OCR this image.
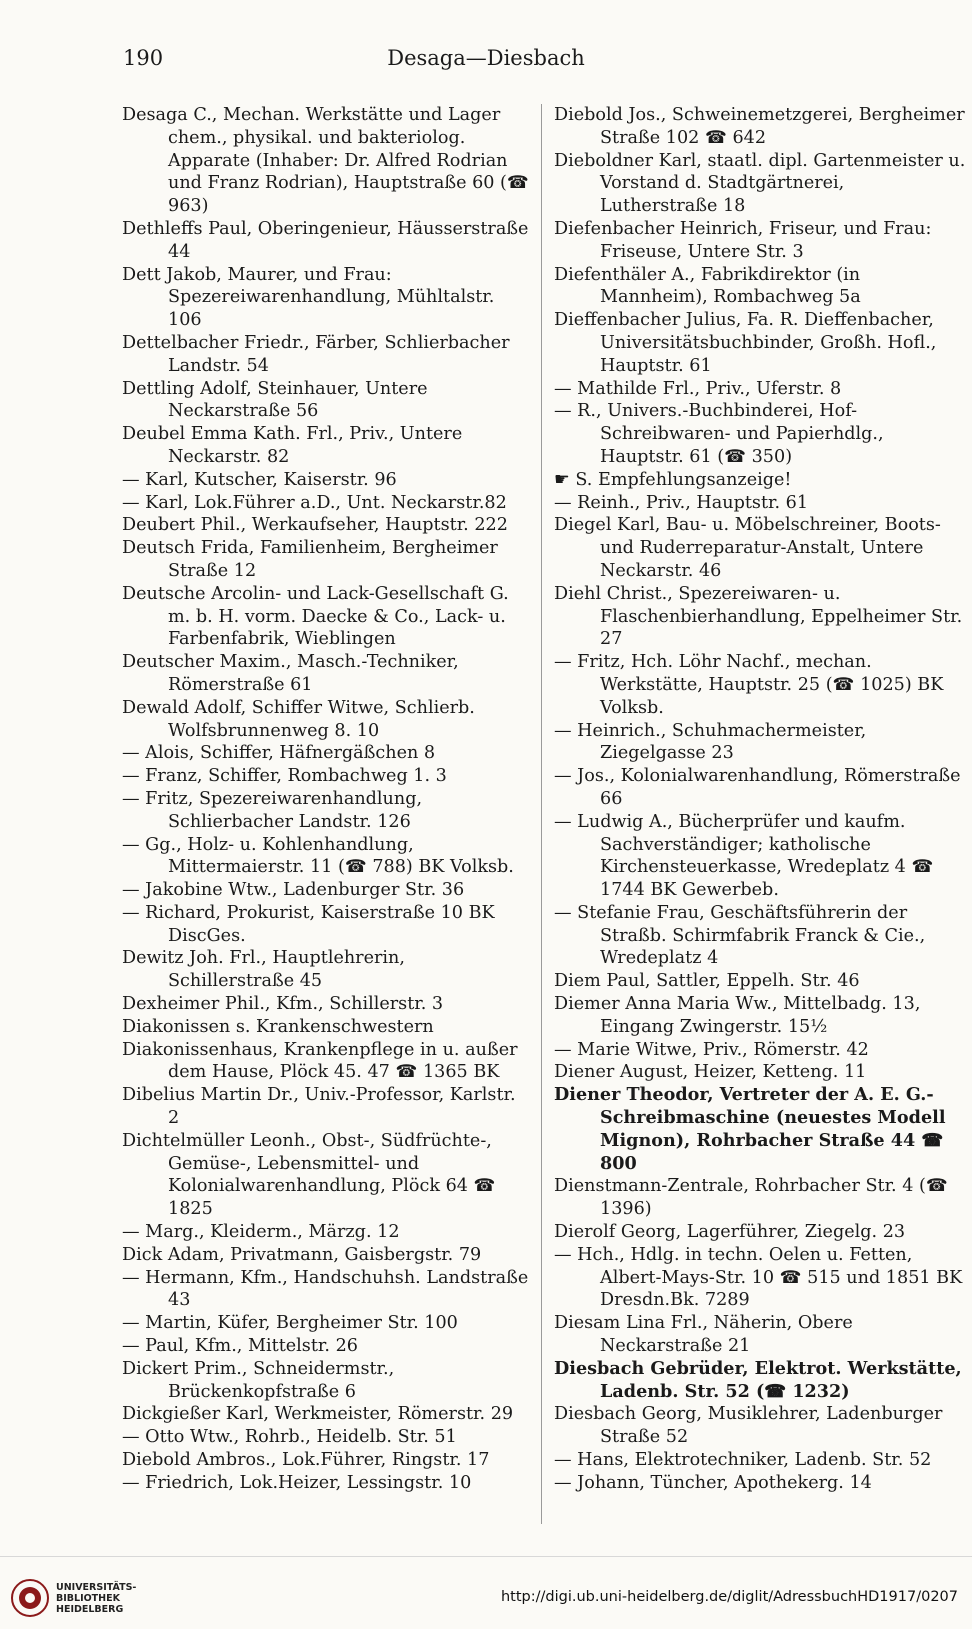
190	Desaga—Diesbach

Desaga C., Mechan. Werkstätte und Lager chem., physikal. und bakteriolog. Apparate (Inhaber: Dr. Alfred Rodrian und Franz Rodrian), Hauptstraße 60 (☎ 963)

Dethleffs Paul, Oberingenieur, Häusserstraße 44

Dett Jakob, Maurer, und Frau: Spezereiwarenhandlung, Mühltalstr. 106

Dettelbacher Friedr., Färber, Schlierbacher Landstr. 54

Dettling Adolf, Steinhauer, Untere Neckarstraße 56

Deubel Emma Kath. Frl., Priv., Untere Neckarstr. 82

— Karl, Kutscher, Kaiserstr. 96

— Karl, Lok.Führer a.D., Unt. Neckarstr.82

Deubert Phil., Werkaufseher, Hauptstr. 222

Deutsch Frida, Familienheim, Bergheimer Straße 12

Deutsche Arcolin- und Lack-Gesellschaft G. m. b. H. vorm. Daecke & Co., Lack- u. Farbenfabrik, Wieblingen

Deutscher Maxim., Masch.-Techniker, Römerstraße 61

Dewald Adolf, Schiffer Witwe, Schlierb. Wolfsbrunnenweg 8. 10

— Alois, Schiffer, Häfnergäßchen 8

— Franz, Schiffer, Rombachweg 1. 3

— Fritz, Spezereiwarenhandlung, Schlierbacher Landstr. 126

— Gg., Holz- u. Kohlenhandlung, Mittermaierstr. 11 (☎ 788) BK Volksb.

— Jakobine Wtw., Ladenburger Str. 36

— Richard, Prokurist, Kaiserstraße 10 BK DiscGes.

Dewitz Joh. Frl., Hauptlehrerin, Schillerstraße 45

Dexheimer Phil., Kfm., Schillerstr. 3

Diakonissen s. Krankenschwestern

Diakonissenhaus, Krankenpflege in u. außer dem Hause, Plöck 45. 47 ☎ 1365 BK

Dibelius Martin Dr., Univ.-Professor, Karlstr. 2

Dichtelmüller Leonh., Obst-, Südfrüchte-, Gemüse-, Lebensmittel- und Kolonialwarenhandlung, Plöck 64 ☎ 1825

— Marg., Kleiderm., Märzg. 12

Dick Adam, Privatmann, Gaisbergstr. 79

— Hermann, Kfm., Handschuhsh. Landstraße 43

— Martin, Küfer, Bergheimer Str. 100

— Paul, Kfm., Mittelstr. 26

Dickert Prim., Schneidermstr., Brückenkopfstraße 6

Dickgießer Karl, Werkmeister, Römerstr. 29

— Otto Wtw., Rohrb., Heidelb. Str. 51

Diebold Ambros., Lok.Führer, Ringstr. 17

— Friedrich, Lok.Heizer, Lessingstr. 10

Diebold Jos., Schweinemetzgerei, Bergheimer Straße 102 ☎ 642

Dieboldner Karl, staatl. dipl. Gartenmeister u. Vorstand d. Stadtgärtnerei, Lutherstraße 18

Diefenbacher Heinrich, Friseur, und Frau: Friseuse, Untere Str. 3

Diefenthäler A., Fabrikdirektor (in Mannheim), Rombachweg 5a

Dieffenbacher Julius, Fa. R. Dieffenbacher, Universitätsbuchbinder, Großh. Hofl., Hauptstr. 61

— Mathilde Frl., Priv., Uferstr. 8

— R., Univers.-Buchbinderei, Hof-Schreibwaren- und Papierhdlg., Hauptstr. 61 (☎ 350)

☛ S. Empfehlungsanzeige!

— Reinh., Priv., Hauptstr. 61

Diegel Karl, Bau- u. Möbelschreiner, Boots- und Ruderreparatur-Anstalt, Untere Neckarstr. 46

Diehl Christ., Spezereiwaren- u. Flaschenbierhandlung, Eppelheimer Str. 27

— Fritz, Hch. Löhr Nachf., mechan. Werkstätte, Hauptstr. 25 (☎ 1025) BK Volksb.

— Heinrich., Schuhmachermeister, Ziegelgasse 23

— Jos., Kolonialwarenhandlung, Römerstraße 66

— Ludwig A., Bücherprüfer und kaufm. Sachverständiger; katholische Kirchensteuerkasse, Wredeplatz 4 ☎ 1744 BK Gewerbeb.

— Stefanie Frau, Geschäftsführerin der Straßb. Schirmfabrik Franck & Cie., Wredeplatz 4

Diem Paul, Sattler, Eppelh. Str. 46

Diemer Anna Maria Ww., Mittelbadg. 13, Eingang Zwingerstr. 15½

— Marie Witwe, Priv., Römerstr. 42

Diener August, Heizer, Ketteng. 11

Diener Theodor, Vertreter der A. E. G.-Schreibmaschine (neuestes Modell Mignon), Rohrbacher Straße 44 ☎ 800

Dienstmann-Zentrale, Rohrbacher Str. 4 (☎ 1396)

Dierolf Georg, Lagerführer, Ziegelg. 23

— Hch., Hdlg. in techn. Oelen u. Fetten, Albert-Mays-Str. 10 ☎ 515 und 1851 BK Dresdn.Bk. 7289

Diesam Lina Frl., Näherin, Obere Neckarstraße 21

Diesbach Gebrüder, Elektrot. Werkstätte, Ladenb. Str. 52 (☎ 1232)

Diesbach Georg, Musiklehrer, Ladenburger Straße 52

— Hans, Elektrotechniker, Ladenb. Str. 52

— Johann, Tüncher, Apothekerg. 14

UNIVERSITÄTS-
BIBLIOTHEK
HEIDELBERG
http://digi.ub.uni-heidelberg.de/diglit/AdressbuchHD1917/0207
